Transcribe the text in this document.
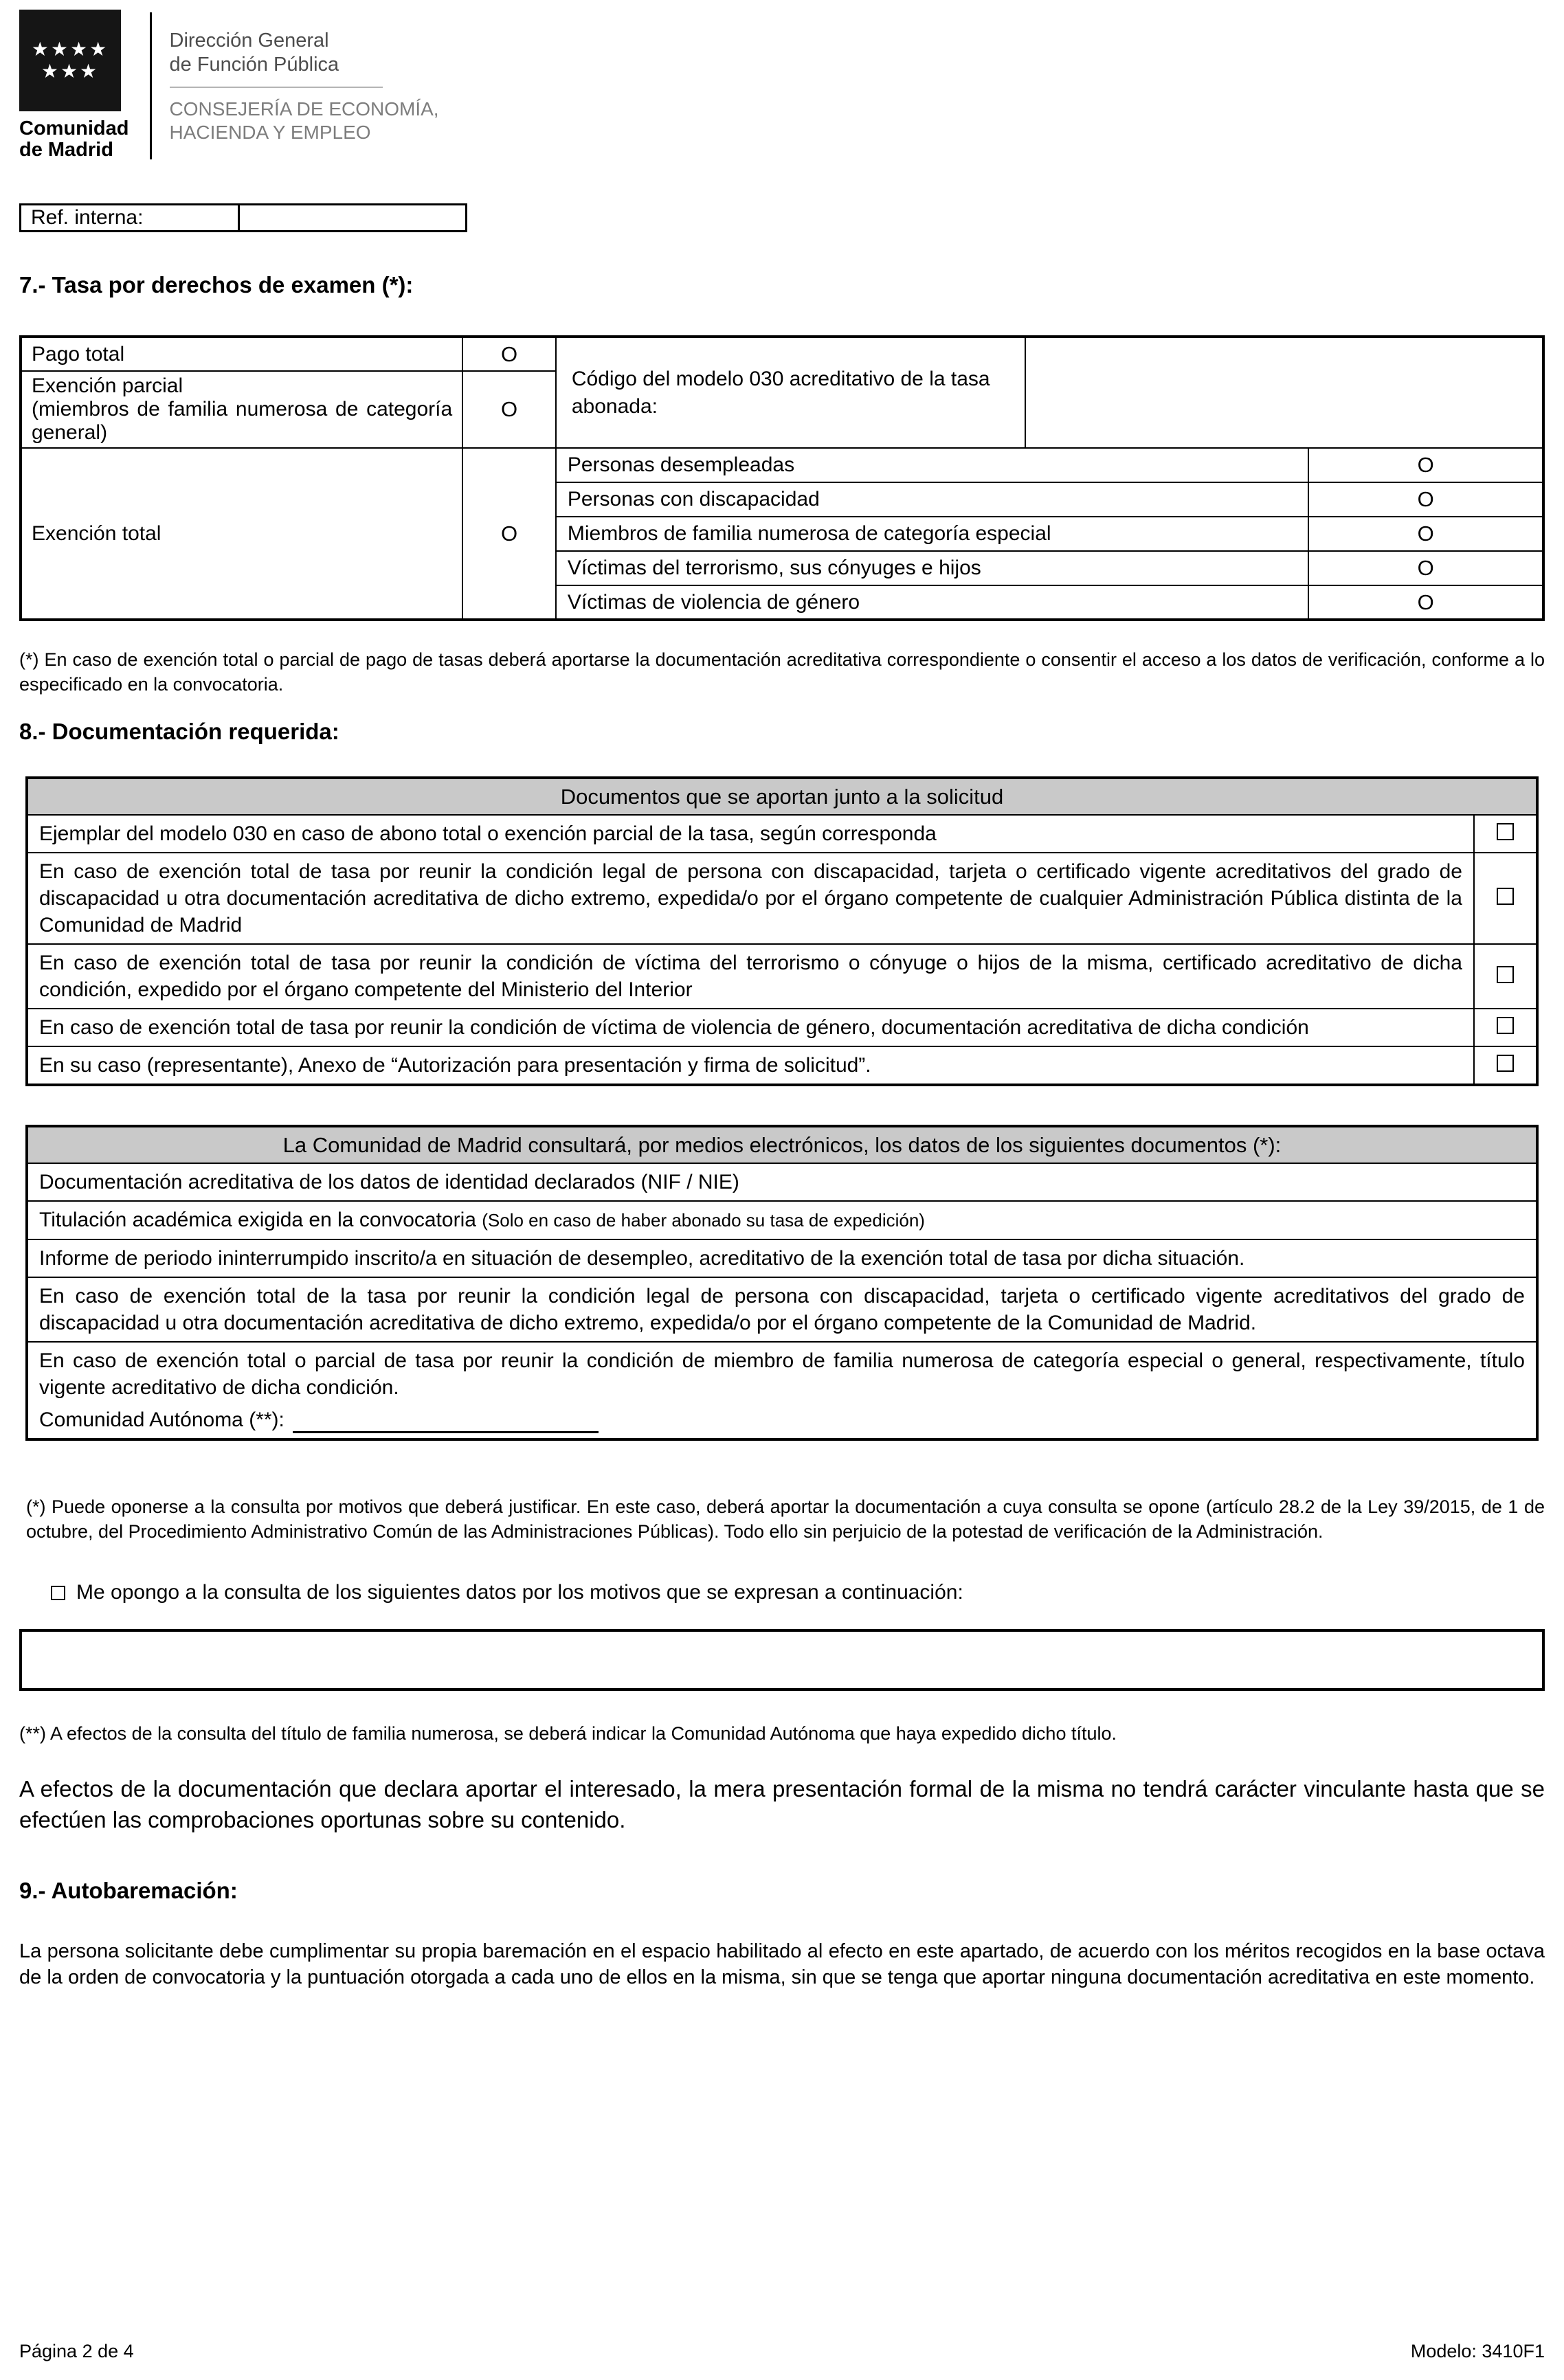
★★★★
★★★
Comunidad
de Madrid
Dirección General
de Función Pública
CONSEJERÍA DE ECONOMÍA,
HACIENDA Y EMPLEO
Ref. interna:
7.- Tasa por derechos de examen (*):
Pago total	O	Código del modelo 030 acreditativo de la tasa abonada:		

Exención parcial
(miembros de familia numerosa de categoría general)	O			
Exención total	O	Personas desempleadas		O
		Personas con discapacidad		O
		Miembros de familia numerosa de categoría especial		O
		Víctimas del terrorismo, sus cónyuges e hijos		O
		Víctimas de violencia de género		O
(*) En caso de exención total o parcial de pago de tasas deberá aportarse la documentación acreditativa correspondiente o consentir el acceso a los datos de verificación, conforme a lo especificado en la convocatoria.
8.- Documentación requerida:
Documentos que se aportan junto a la solicitud	
Ejemplar del modelo 030 en caso de abono total o exención parcial de la tasa, según corresponda	
En caso de exención total de tasa por reunir la condición legal de persona con discapacidad, tarjeta o certificado vigente acreditativos del grado de discapacidad u otra documentación acreditativa de dicho extremo, expedida/o por el órgano competente de cualquier Administración Pública distinta de la Comunidad de Madrid	
En caso de exención total de tasa por reunir la condición de víctima del terrorismo o cónyuge o hijos de la misma, certificado acreditativo de dicha condición, expedido por el órgano competente del Ministerio del Interior	
En caso de exención total de tasa por reunir la condición de víctima de violencia de género, documentación acreditativa de dicha condición	
En su caso (representante), Anexo de “Autorización para presentación y firma de solicitud”.	
La Comunidad de Madrid consultará, por medios electrónicos, los datos de los siguientes documentos (*):
Documentación acreditativa de los datos de identidad declarados (NIF / NIE)
Titulación académica exigida en la convocatoria (Solo en caso de haber abonado su tasa de expedición)
Informe de periodo ininterrumpido inscrito/a en situación de desempleo, acreditativo de la exención total de tasa por dicha situación.
En caso de exención total de la tasa por reunir la condición legal de persona con discapacidad, tarjeta o certificado vigente acreditativos del grado de discapacidad u otra documentación acreditativa de dicho extremo, expedida/o por el órgano competente de la Comunidad de Madrid.

En caso de exención total o parcial de tasa por reunir la condición de miembro de familia numerosa de categoría especial o general, respectivamente, título vigente acreditativo de dicha condición.
Comunidad Autónoma (**):
(*) Puede oponerse a la consulta por motivos que deberá justificar. En este caso, deberá aportar la documentación a cuya consulta se opone (artículo 28.2 de la Ley 39/2015, de 1 de octubre, del Procedimiento Administrativo Común de las Administraciones Públicas). Todo ello sin perjuicio de la potestad de verificación de la Administración.
Me opongo a la consulta de los siguientes datos por los motivos que se expresan a continuación:
(**) A efectos de la consulta del título de familia numerosa, se deberá indicar la Comunidad Autónoma que haya expedido dicho título.
A efectos de la documentación que declara aportar el interesado, la mera presentación formal de la misma no tendrá carácter vinculante hasta que se efectúen las comprobaciones oportunas sobre su contenido.
9.- Autobaremación:
La persona solicitante debe cumplimentar su propia baremación en el espacio habilitado al efecto en este apartado, de acuerdo con los méritos recogidos en la base octava de la orden de convocatoria y la puntuación otorgada a cada uno de ellos en la misma, sin que se tenga que aportar ninguna documentación acreditativa en este momento.
Página 2 de 4	Modelo: 3410F1
